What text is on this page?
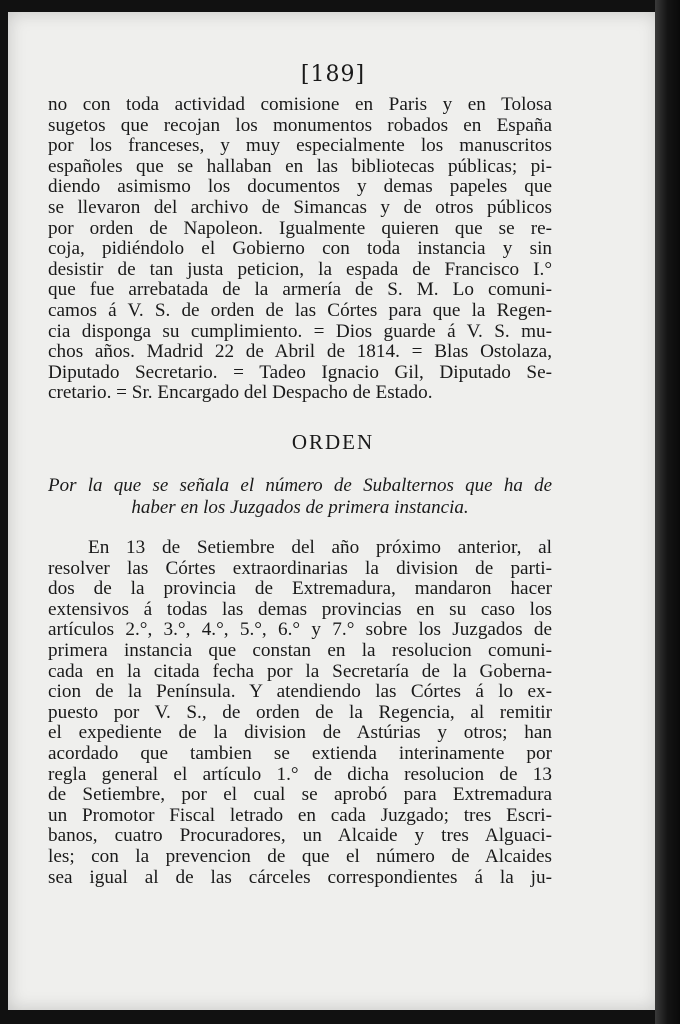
[189]
no con toda actividad comisione en Paris y en Tolosa
sugetos que recojan los monumentos robados en España
por los franceses, y muy especialmente los manuscritos
españoles que se hallaban en las bibliotecas públicas; pi-
diendo asimismo los documentos y demas papeles que
se llevaron del archivo de Simancas y de otros públicos
por orden de Napoleon. Igualmente quieren que se re-
coja, pidiéndolo el Gobierno con toda instancia y sin
desistir de tan justa peticion, la espada de Francisco I.°
que fue arrebatada de la armería de S. M. Lo comuni-
camos á V. S. de orden de las Córtes para que la Regen-
cia disponga su cumplimiento. = Dios guarde á V. S. mu-
chos años. Madrid 22 de Abril de 1814. = Blas Ostolaza,
Diputado Secretario. = Tadeo Ignacio Gil, Diputado Se-
cretario. = Sr. Encargado del Despacho de Estado.
ORDEN
Por la que se señala el número de Subalternos que ha de
haber en los Juzgados de primera instancia.
En 13 de Setiembre del año próximo anterior, al
resolver las Córtes extraordinarias la division de parti-
dos de la provincia de Extremadura, mandaron hacer
extensivos á todas las demas provincias en su caso los
artículos 2.°, 3.°, 4.°, 5.°, 6.° y 7.° sobre los Juzgados de
primera instancia que constan en la resolucion comuni-
cada en la citada fecha por la Secretaría de la Goberna-
cion de la Península. Y atendiendo las Córtes á lo ex-
puesto por V. S., de orden de la Regencia, al remitir
el expediente de la division de Astúrias y otros; han
acordado que tambien se extienda interinamente por
regla general el artículo 1.° de dicha resolucion de 13
de Setiembre, por el cual se aprobó para Extremadura
un Promotor Fiscal letrado en cada Juzgado; tres Escri-
banos, cuatro Procuradores, un Alcaide y tres Alguaci-
les; con la prevencion de que el número de Alcaides
sea igual al de las cárceles correspondientes á la ju-
